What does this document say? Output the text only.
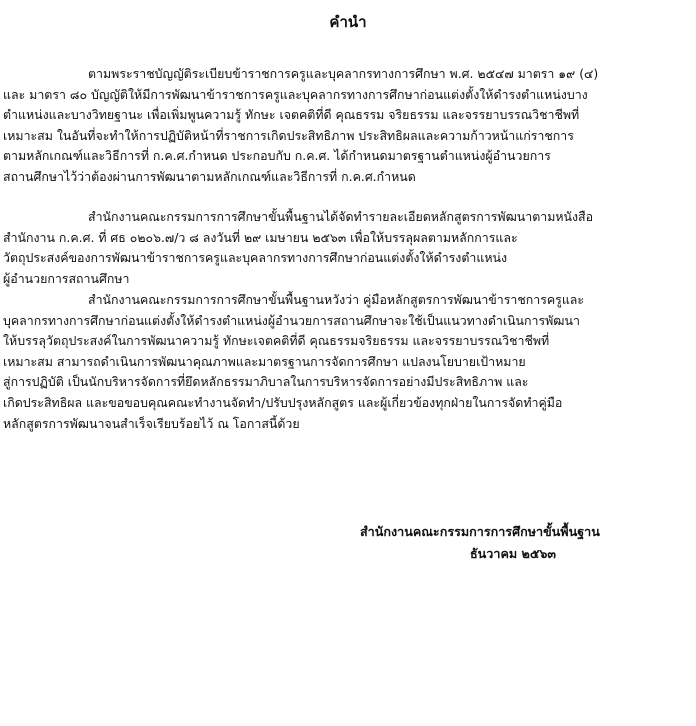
คำนำ
ตามพระราชบัญญัติระเบียบข้าราชการครูและบุคลากรทางการศึกษา พ.ศ. ๒๕๔๗ มาตรา ๑๙ (๔)
และ มาตรา ๘๐ บัญญัติให้มีการพัฒนาข้าราชการครูและบุคลากรทางการศึกษาก่อนแต่งตั้งให้ดำรงตำแหน่งบาง
ตำแหน่งและบางวิทยฐานะ เพื่อเพิ่มพูนความรู้ ทักษะ เจตคติที่ดี คุณธรรม จริยธรรม และจรรยาบรรณวิชาชีพที่
เหมาะสม ในอันที่จะทำให้การปฏิบัติหน้าที่ราชการเกิดประสิทธิภาพ ประสิทธิผลและความก้าวหน้าแก่ราชการ
ตามหลักเกณฑ์และวิธีการที่ ก.ค.ศ.กำหนด ประกอบกับ ก.ค.ศ. ได้กำหนดมาตรฐานตำแหน่งผู้อำนวยการ
สถานศึกษาไว้ว่าต้องผ่านการพัฒนาตามหลักเกณฑ์และวิธีการที่ ก.ค.ศ.กำหนด
สำนักงานคณะกรรมการการศึกษาขั้นพื้นฐานได้จัดทำรายละเอียดหลักสูตรการพัฒนาตามหนังสือ
สำนักงาน ก.ค.ศ. ที่ ศธ ๐๒๐๖.๗/ว ๘ ลงวันที่ ๒๙ เมษายน ๒๕๖๓ เพื่อให้บรรลุผลตามหลักการและ
วัตถุประสงค์ของการพัฒนาข้าราชการครูและบุคลากรทางการศึกษาก่อนแต่งตั้งให้ดำรงตำแหน่ง
ผู้อำนวยการสถานศึกษา
สำนักงานคณะกรรมการการศึกษาขั้นพื้นฐานหวังว่า คู่มือหลักสูตรการพัฒนาข้าราชการครูและ
บุคลากรทางการศึกษาก่อนแต่งตั้งให้ดำรงตำแหน่งผู้อำนวยการสถานศึกษาจะใช้เป็นแนวทางดำเนินการพัฒนา
ให้บรรลุวัตถุประสงค์ในการพัฒนาความรู้ ทักษะเจตคติที่ดี คุณธรรมจริยธรรม และจรรยาบรรณวิชาชีพที่
เหมาะสม สามารถดำเนินการพัฒนาคุณภาพและมาตรฐานการจัดการศึกษา แปลงนโยบายเป้าหมาย
สู่การปฏิบัติ เป็นนักบริหารจัดการที่ยึดหลักธรรมาภิบาลในการบริหารจัดการอย่างมีประสิทธิภาพ และ
เกิดประสิทธิผล และขอขอบคุณคณะทำงานจัดทำ/ปรับปรุงหลักสูตร และผู้เกี่ยวข้องทุกฝ่ายในการจัดทำคู่มือ
หลักสูตรการพัฒนาจนสำเร็จเรียบร้อยไว้ ณ โอกาสนี้ด้วย
สำนักงานคณะกรรมการการศึกษาขั้นพื้นฐาน
ธันวาคม ๒๕๖๓
